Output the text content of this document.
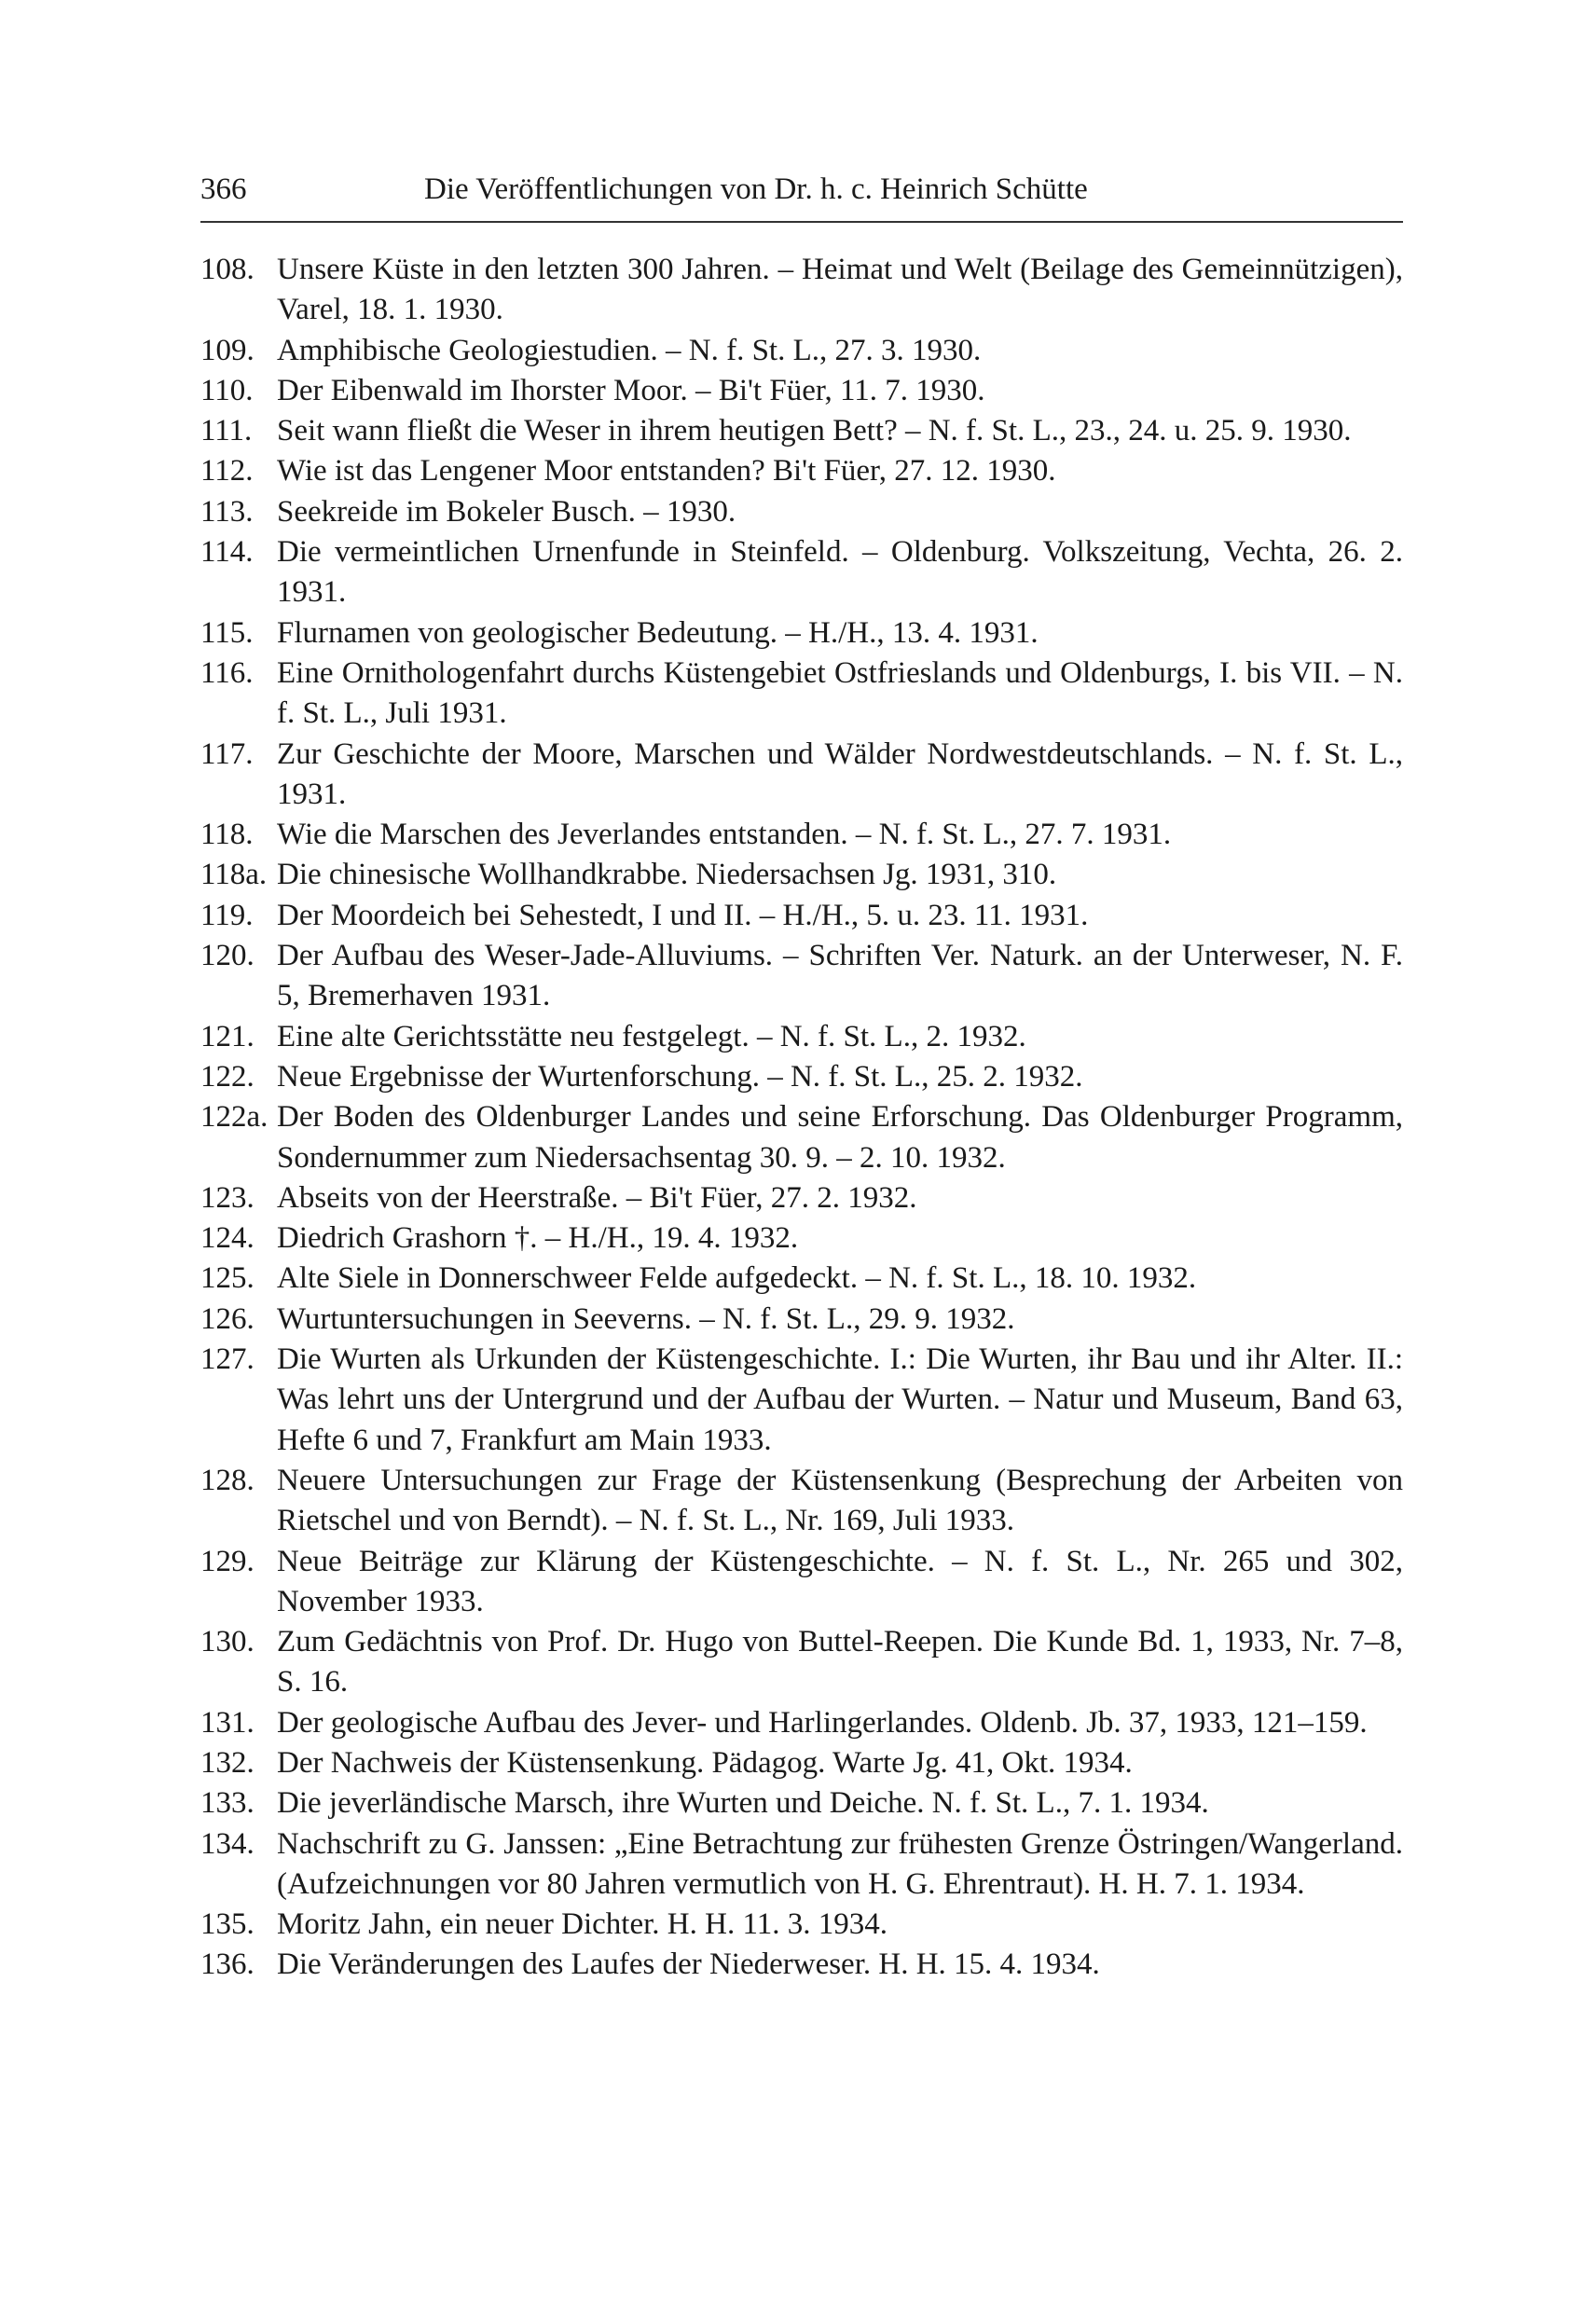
366	Die Veröffentlichungen von Dr. h. c. Heinrich Schütte
108. Unsere Küste in den letzten 300 Jahren. – Heimat und Welt (Beilage des Gemeinnützigen), Varel, 18. 1. 1930.
109. Amphibische Geologiestudien. – N. f. St. L., 27. 3. 1930.
110. Der Eibenwald im Ihorster Moor. – Bi't Füer, 11. 7. 1930.
111. Seit wann fließt die Weser in ihrem heutigen Bett? – N. f. St. L., 23., 24. u. 25. 9. 1930.
112. Wie ist das Lengener Moor entstanden? Bi't Füer, 27. 12. 1930.
113. Seekreide im Bokeler Busch. – 1930.
114. Die vermeintlichen Urnenfunde in Steinfeld. – Oldenburg. Volkszeitung, Vechta, 26. 2. 1931.
115. Flurnamen von geologischer Bedeutung. – H./H., 13. 4. 1931.
116. Eine Ornithologenfahrt durchs Küstengebiet Ostfrieslands und Oldenburgs, I. bis VII. – N. f. St. L., Juli 1931.
117. Zur Geschichte der Moore, Marschen und Wälder Nordwestdeutschlands. – N. f. St. L., 1931.
118. Wie die Marschen des Jeverlandes entstanden. – N. f. St. L., 27. 7. 1931.
118a. Die chinesische Wollhandkrabbe. Niedersachsen Jg. 1931, 310.
119. Der Moordeich bei Sehestedt, I und II. – H./H., 5. u. 23. 11. 1931.
120. Der Aufbau des Weser-Jade-Alluviums. – Schriften Ver. Naturk. an der Unterweser, N. F. 5, Bremerhaven 1931.
121. Eine alte Gerichtsstätte neu festgelegt. – N. f. St. L., 2. 1932.
122. Neue Ergebnisse der Wurtenforschung. – N. f. St. L., 25. 2. 1932.
122a. Der Boden des Oldenburger Landes und seine Erforschung. Das Oldenburger Programm, Sondernummer zum Niedersachsentag 30. 9. – 2. 10. 1932.
123. Abseits von der Heerstraße. – Bi't Füer, 27. 2. 1932.
124. Diedrich Grashorn †. – H./H., 19. 4. 1932.
125. Alte Siele in Donnerschweer Felde aufgedeckt. – N. f. St. L., 18. 10. 1932.
126. Wurtuntersuchungen in Seeverns. – N. f. St. L., 29. 9. 1932.
127. Die Wurten als Urkunden der Küstengeschichte. I.: Die Wurten, ihr Bau und ihr Alter. II.: Was lehrt uns der Untergrund und der Aufbau der Wurten. – Natur und Museum, Band 63, Hefte 6 und 7, Frankfurt am Main 1933.
128. Neuere Untersuchungen zur Frage der Küstensenkung (Besprechung der Arbeiten von Rietschel und von Berndt). – N. f. St. L., Nr. 169, Juli 1933.
129. Neue Beiträge zur Klärung der Küstengeschichte. – N. f. St. L., Nr. 265 und 302, November 1933.
130. Zum Gedächtnis von Prof. Dr. Hugo von Buttel-Reepen. Die Kunde Bd. 1, 1933, Nr. 7–8, S. 16.
131. Der geologische Aufbau des Jever- und Harlingerlandes. Oldenb. Jb. 37, 1933, 121–159.
132. Der Nachweis der Küstensenkung. Pädagog. Warte Jg. 41, Okt. 1934.
133. Die jeverländische Marsch, ihre Wurten und Deiche. N. f. St. L., 7. 1. 1934.
134. Nachschrift zu G. Janssen: „Eine Betrachtung zur frühesten Grenze Östringen/Wangerland. (Aufzeichnungen vor 80 Jahren vermutlich von H. G. Ehrentraut). H. H. 7. 1. 1934.
135. Moritz Jahn, ein neuer Dichter. H. H. 11. 3. 1934.
136. Die Veränderungen des Laufes der Niederweser. H. H. 15. 4. 1934.
